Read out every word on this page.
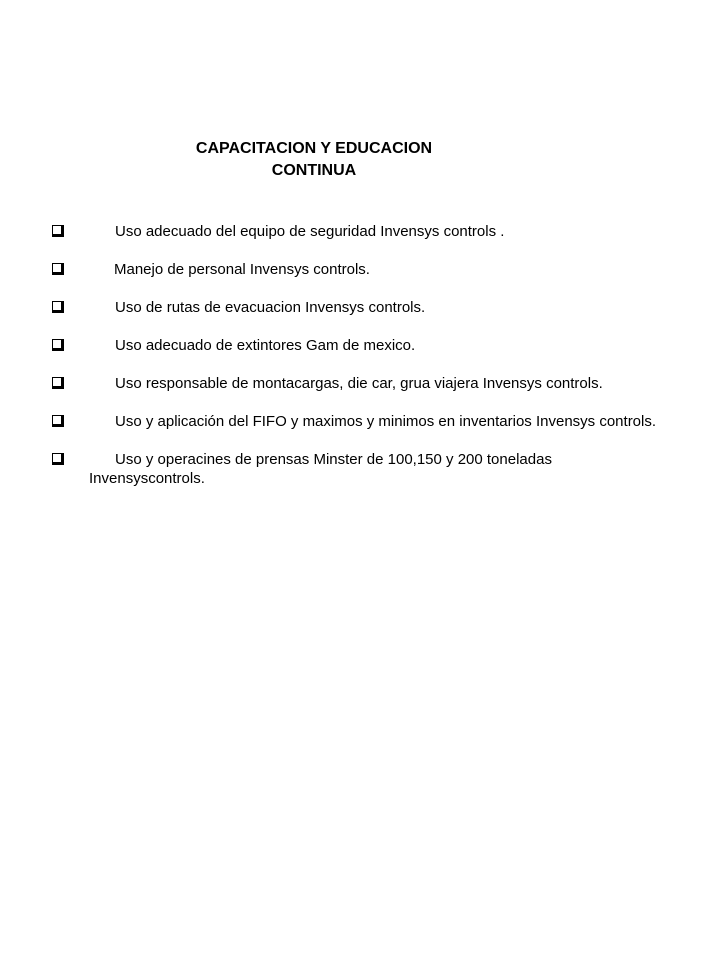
CAPACITACION Y EDUCACION
CONTINUA
Uso adecuado del equipo de seguridad Invensys controls .
Manejo de personal Invensys controls.
Uso de rutas de evacuacion Invensys controls.
Uso adecuado de extintores Gam de mexico.
Uso responsable de montacargas, die car, grua viajera Invensys controls.
Uso y aplicación del FIFO y maximos y minimos en inventarios Invensys controls.
Uso y operacines de prensas Minster de 100,150 y 200 toneladas Invensyscontrols.
